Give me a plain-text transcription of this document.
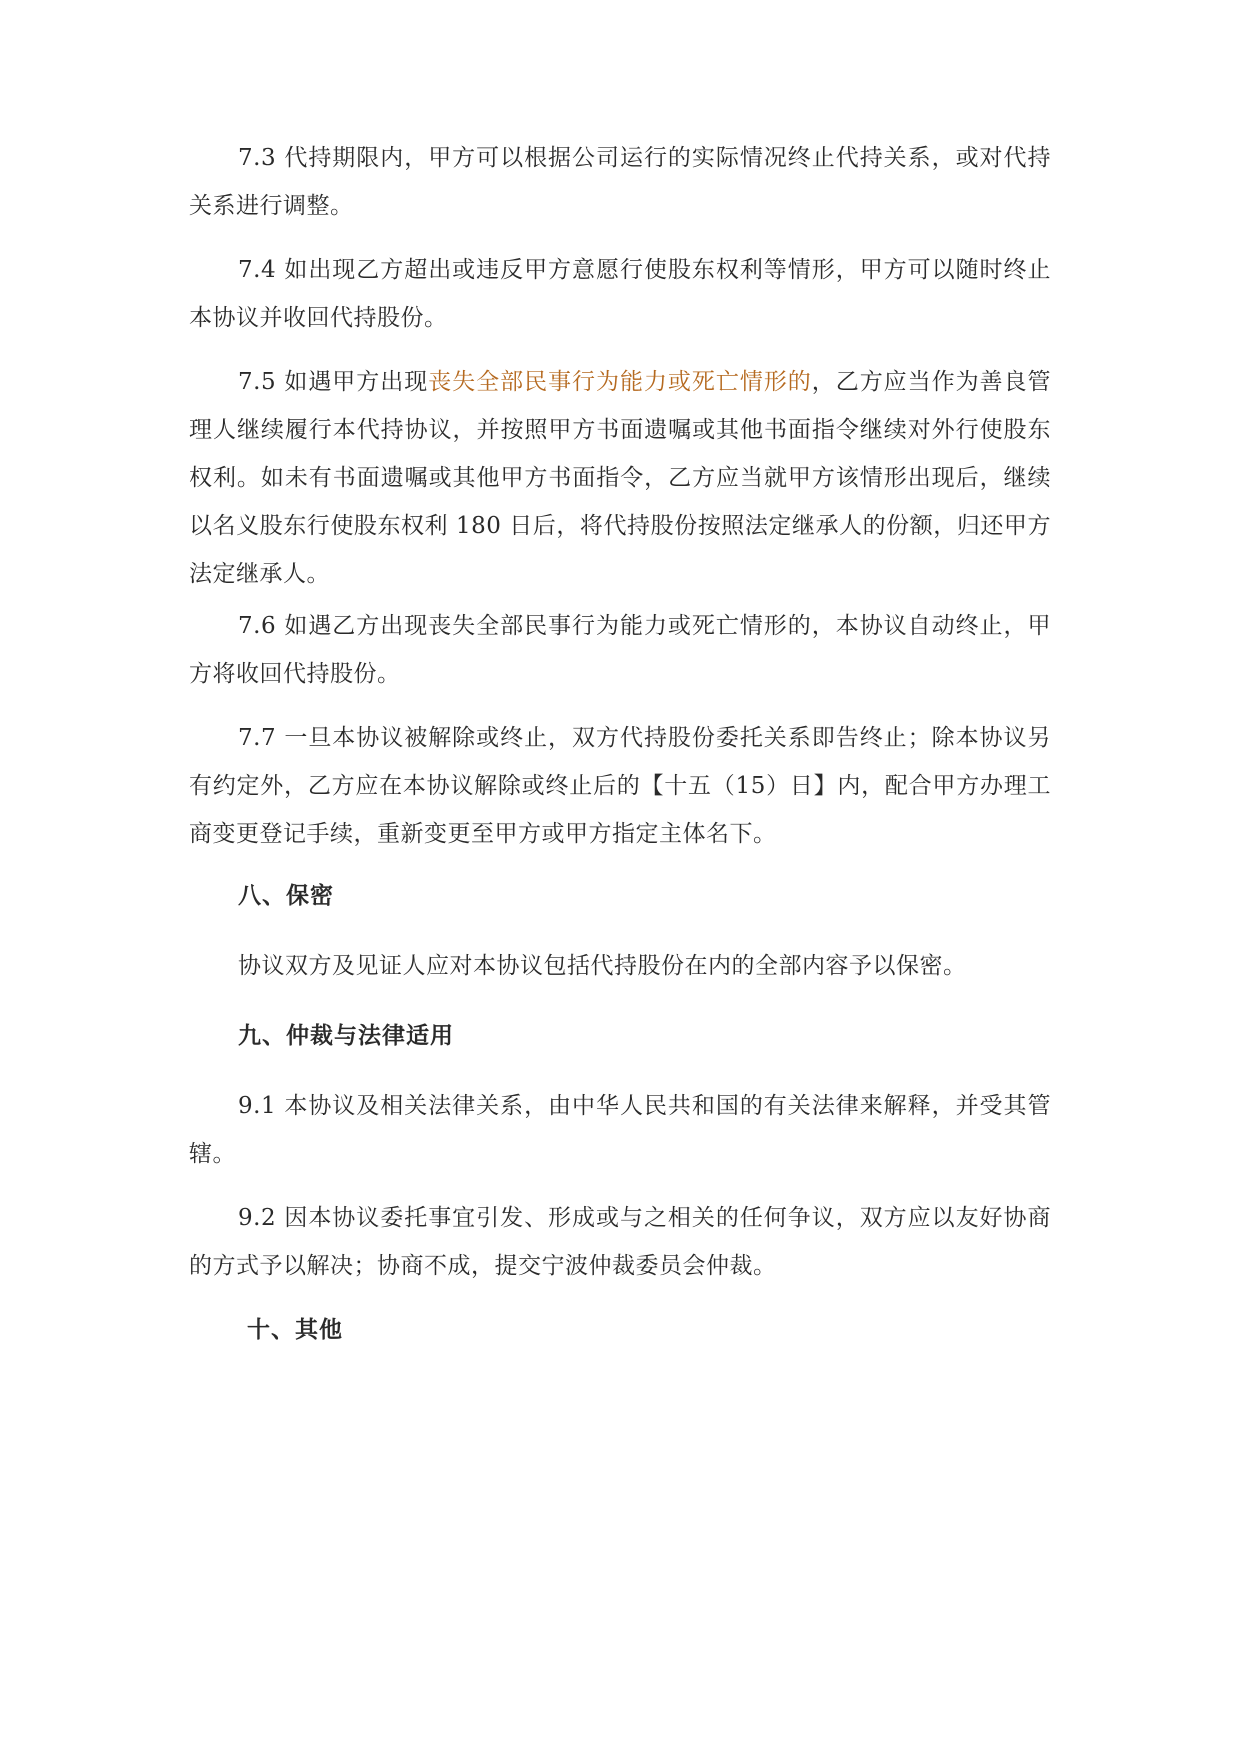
7.3 代持期限内，甲方可以根据公司运行的实际情况终止代持关系，或对代持关系进行调整。

7.4 如出现乙方超出或违反甲方意愿行使股东权利等情形，甲方可以随时终止本协议并收回代持股份。

7.5 如遇甲方出现丧失全部民事行为能力或死亡情形的，乙方应当作为善良管理人继续履行本代持协议，并按照甲方书面遗嘱或其他书面指令继续对外行使股东权利。如未有书面遗嘱或其他甲方书面指令，乙方应当就甲方该情形出现后，继续以名义股东行使股东权利 180 日后，将代持股份按照法定继承人的份额，归还甲方法定继承人。

7.6 如遇乙方出现丧失全部民事行为能力或死亡情形的，本协议自动终止，甲方将收回代持股份。

7.7 一旦本协议被解除或终止，双方代持股份委托关系即告终止；除本协议另有约定外，乙方应在本协议解除或终止后的【十五（15）日】内，配合甲方办理工商变更登记手续，重新变更至甲方或甲方指定主体名下。

八、保密

协议双方及见证人应对本协议包括代持股份在内的全部内容予以保密。

九、仲裁与法律适用

9.1 本协议及相关法律关系，由中华人民共和国的有关法律来解释，并受其管辖。

9.2 因本协议委托事宜引发、形成或与之相关的任何争议，双方应以友好协商的方式予以解决；协商不成，提交宁波仲裁委员会仲裁。

十、其他
